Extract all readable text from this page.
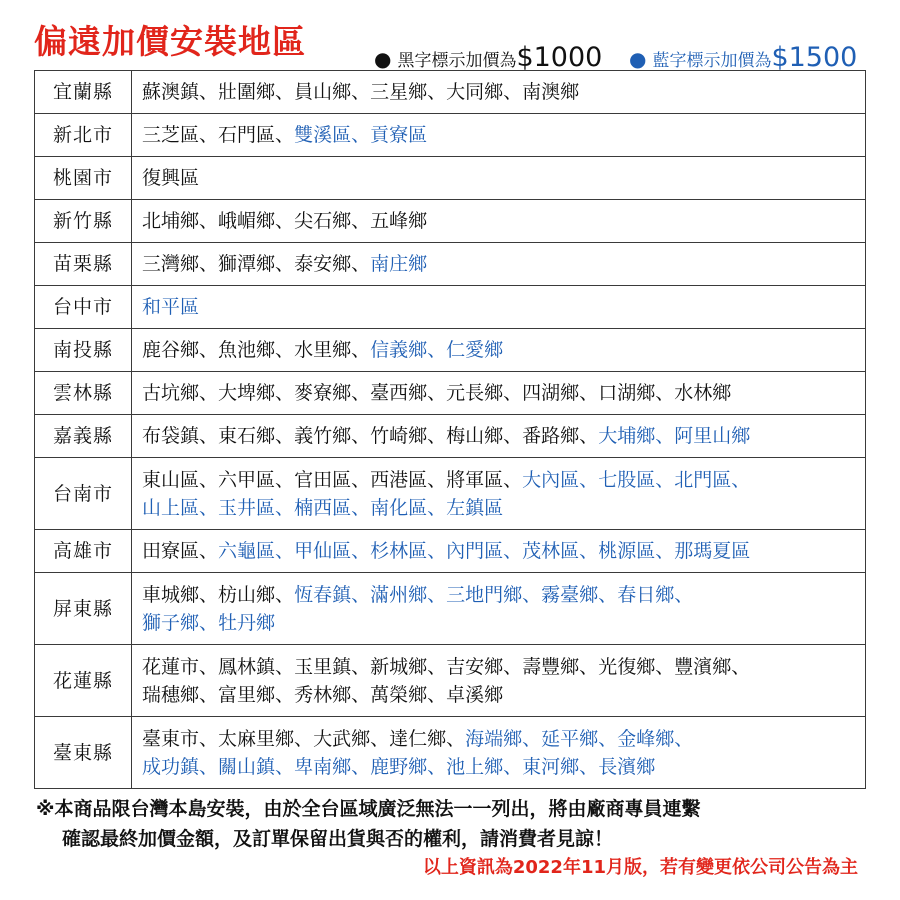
偏遠加價安裝地區	● 黑字標示加價為 $1000 ● 藍字標示加價為 $1500
宜蘭縣	蘇澳鎮、壯圍鄉、員山鄉、三星鄉、大同鄉、南澳鄉

新北市	三芝區、石門區、雙溪區、貢寮區

桃園市	復興區

新竹縣	北埔鄉、峨嵋鄉、尖石鄉、五峰鄉

苗栗縣	三灣鄉、獅潭鄉、泰安鄉、南庄鄉

台中市	和平區

南投縣	鹿谷鄉、魚池鄉、水里鄉、信義鄉、仁愛鄉

雲林縣	古坑鄉、大埤鄉、麥寮鄉、臺西鄉、元長鄉、四湖鄉、口湖鄉、水林鄉

嘉義縣	布袋鎮、東石鄉、義竹鄉、竹崎鄉、梅山鄉、番路鄉、大埔鄉、阿里山鄉

台南市	東山區、六甲區、官田區、西港區、將軍區、大內區、七股區、北門區、
山上區、玉井區、楠西區、南化區、左鎮區

高雄市	田寮區、六龜區、甲仙區、杉林區、內門區、茂林區、桃源區、那瑪夏區

屏東縣	車城鄉、枋山鄉、恆春鎮、滿州鄉、三地門鄉、霧臺鄉、春日鄉、
獅子鄉、牡丹鄉

花蓮縣	花蓮市、鳳林鎮、玉里鎮、新城鄉、吉安鄉、壽豐鄉、光復鄉、豐濱鄉、
瑞穗鄉、富里鄉、秀林鄉、萬榮鄉、卓溪鄉

臺東縣	臺東市、太麻里鄉、大武鄉、達仁鄉、海端鄉、延平鄉、金峰鄉、
成功鎮、關山鎮、卑南鄉、鹿野鄉、池上鄉、東河鄉、長濱鄉
※本商品限台灣本島安裝，由於全台區域廣泛無法一一列出，將由廠商專員連繫
確認最終加價金額，及訂單保留出貨與否的權利，請消費者見諒！
以上資訊為2022年11月版，若有變更依公司公告為主
